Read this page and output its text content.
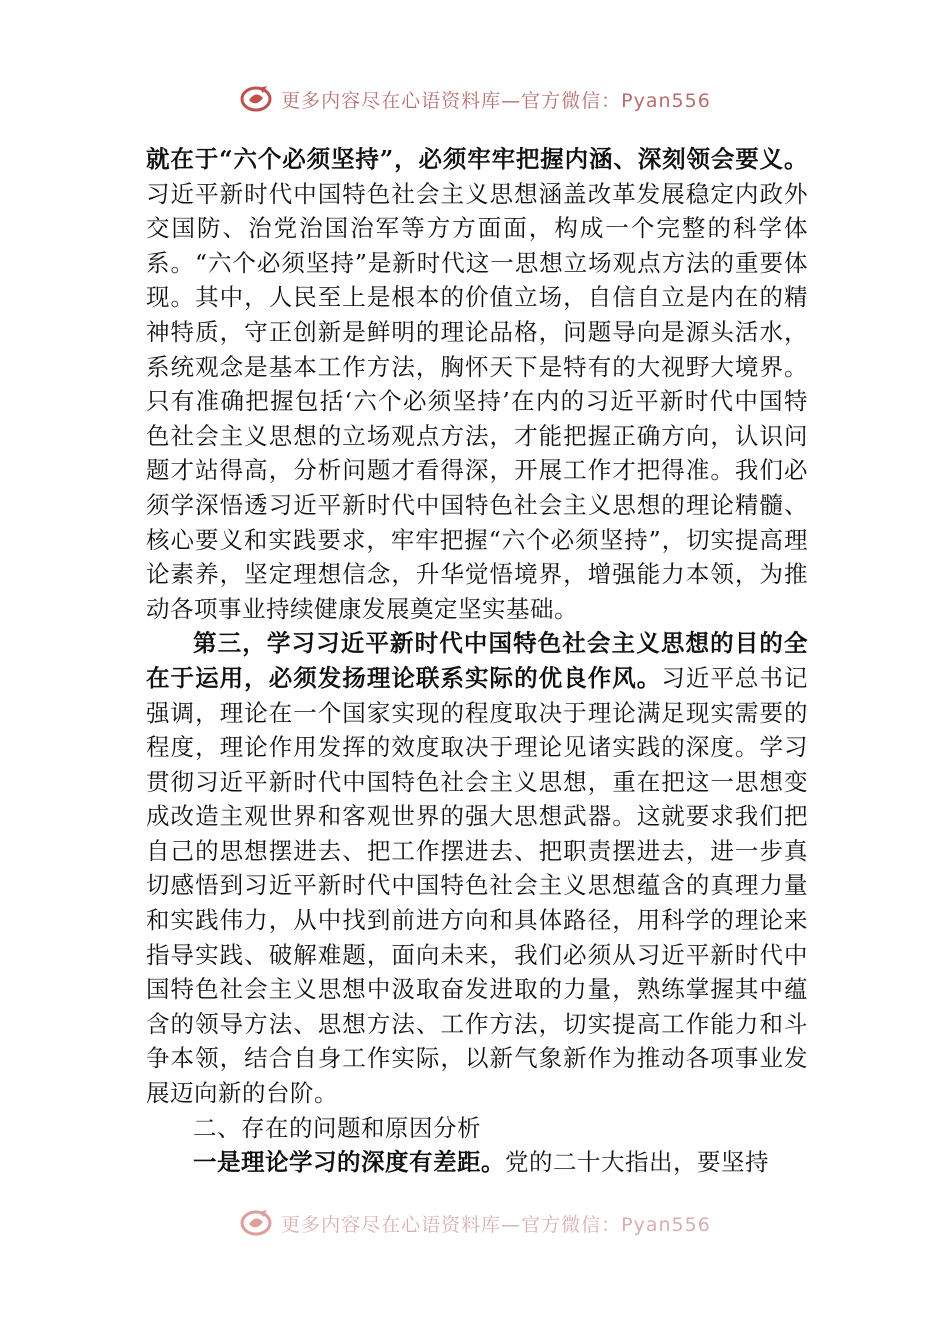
更多内容尽在心语资料库—官方微信：Pyan556

就在于“六个必须坚持”，必须牢牢把握内涵、深刻领会要义。习近平新时代中国特色社会主义思想涵盖改革发展稳定内政外交国防、治党治国治军等方方面面，构成一个完整的科学体系。“六个必须坚持”是新时代这一思想立场观点方法的重要体现。其中，人民至上是根本的价值立场，自信自立是内在的精神特质，守正创新是鲜明的理论品格，问题导向是源头活水，系统观念是基本工作方法，胸怀天下是特有的大视野大境界。只有准确把握包括‘六个必须坚持’在内的习近平新时代中国特色社会主义思想的立场观点方法，才能把握正确方向，认识问题才站得高，分析问题才看得深，开展工作才把得准。我们必须学深悟透习近平新时代中国特色社会主义思想的理论精髓、核心要义和实践要求，牢牢把握“六个必须坚持”，切实提高理论素养，坚定理想信念，升华觉悟境界，增强能力本领，为推动各项事业持续健康发展奠定坚实基础。

第三，学习习近平新时代中国特色社会主义思想的目的全在于运用，必须发扬理论联系实际的优良作风。习近平总书记强调，理论在一个国家实现的程度取决于理论满足现实需要的程度，理论作用发挥的效度取决于理论见诸实践的深度。学习贯彻习近平新时代中国特色社会主义思想，重在把这一思想变成改造主观世界和客观世界的强大思想武器。这就要求我们把自己的思想摆进去、把工作摆进去、把职责摆进去，进一步真切感悟到习近平新时代中国特色社会主义思想蕴含的真理力量和实践伟力，从中找到前进方向和具体路径，用科学的理论来指导实践、破解难题，面向未来，我们必须从习近平新时代中国特色社会主义思想中汲取奋发进取的力量，熟练掌握其中蕴含的领导方法、思想方法、工作方法，切实提高工作能力和斗争本领，结合自身工作实际，以新气象新作为推动各项事业发展迈向新的台阶。

二、存在的问题和原因分析

一是理论学习的深度有差距。党的二十大指出，要坚持

更多内容尽在心语资料库—官方微信：Pyan556
